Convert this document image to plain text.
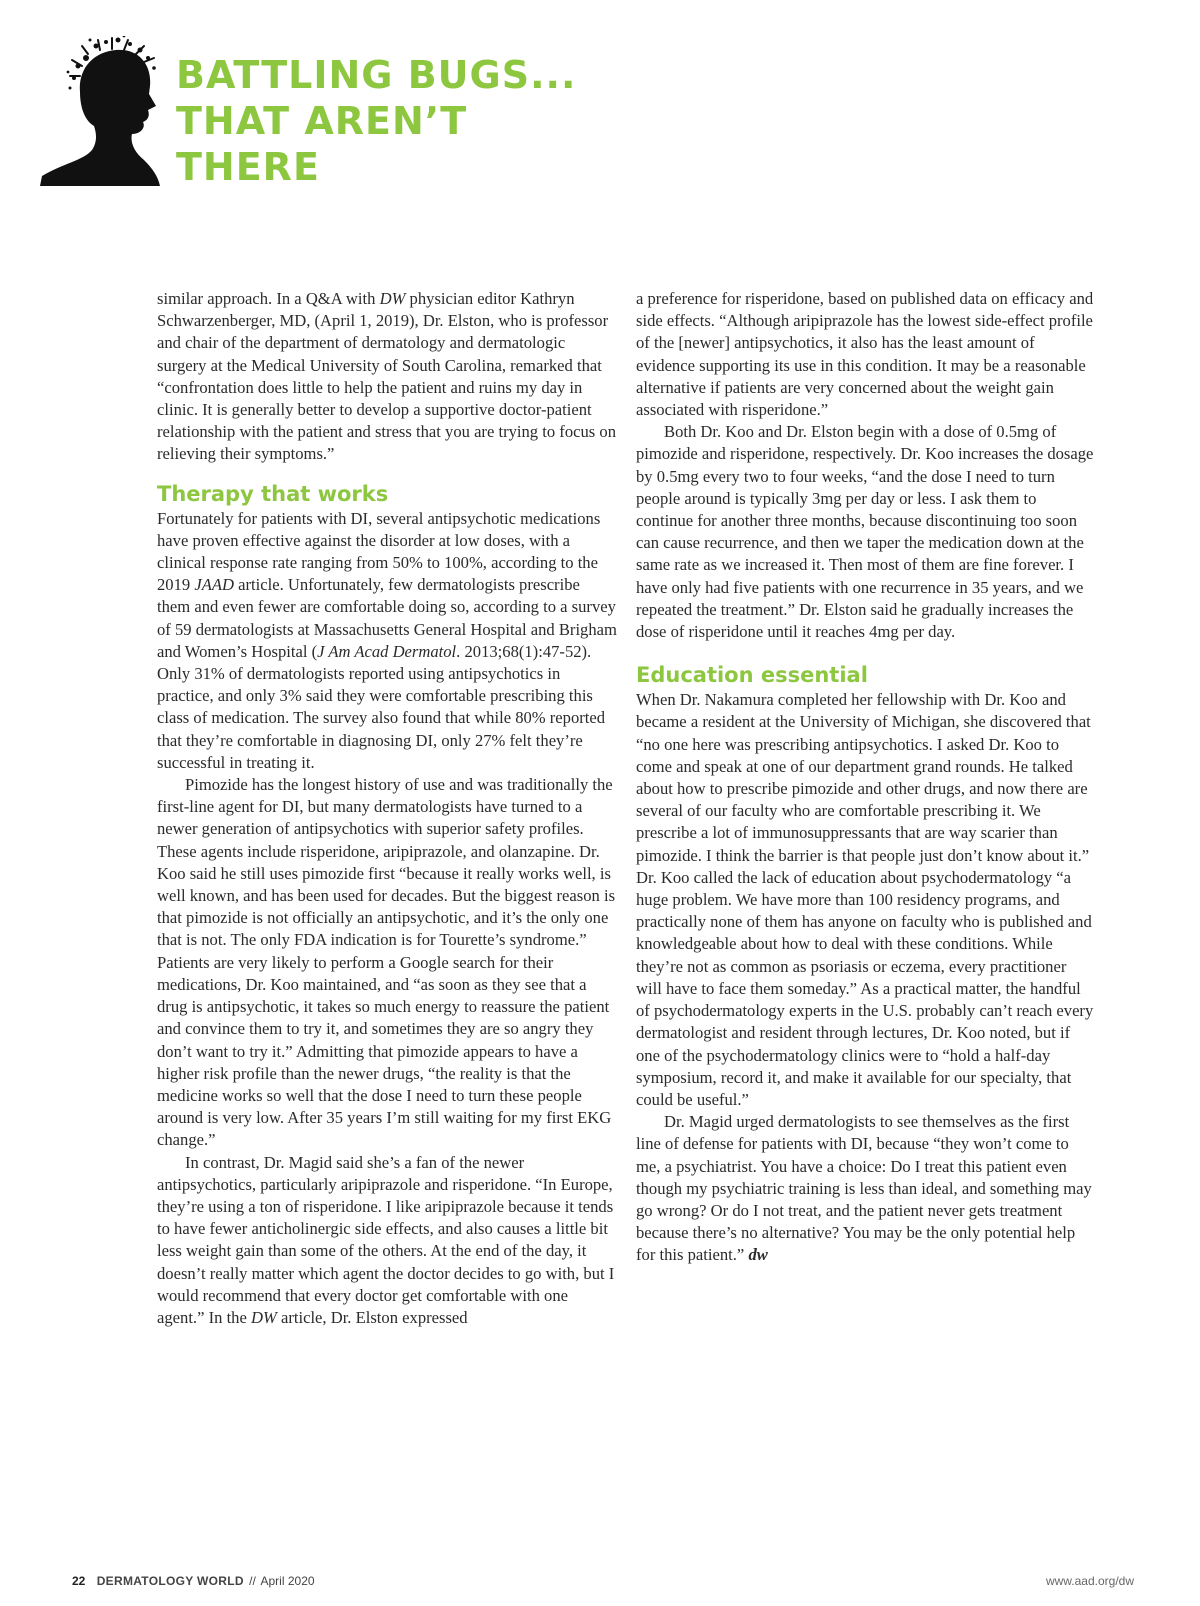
BATTLING BUGS...
THAT AREN’T
THERE

similar approach. In a Q&A with DW physician editor Kathryn Schwarzenberger, MD, (April 1, 2019), Dr. Elston, who is professor and chair of the department of dermatology and dermatologic surgery at the Medical University of South Carolina, remarked that “confrontation does little to help the patient and ruins my day in clinic. It is generally better to develop a supportive doctor-patient relationship with the patient and stress that you are trying to focus on relieving their symptoms.”

Therapy that works

Fortunately for patients with DI, several antipsychotic medications have proven effective against the disorder at low doses, with a clinical response rate ranging from 50% to 100%, according to the 2019 JAAD article. Unfortunately, few dermatologists prescribe them and even fewer are comfortable doing so, according to a survey of 59 dermatologists at Massachusetts General Hospital and Brigham and Women’s Hospital (J Am Acad Dermatol. 2013;68(1):47-52). Only 31% of dermatologists reported using antipsychotics in practice, and only 3% said they were comfortable prescribing this class of medication. The survey also found that while 80% reported that they’re comfortable in diagnosing DI, only 27% felt they’re successful in treating it.

Pimozide has the longest history of use and was traditionally the first-line agent for DI, but many dermatologists have turned to a newer generation of antipsychotics with superior safety profiles. These agents include risperidone, aripiprazole, and olanzapine. Dr. Koo said he still uses pimozide first “because it really works well, is well known, and has been used for decades. But the biggest reason is that pimozide is not officially an antipsychotic, and it’s the only one that is not. The only FDA indication is for Tourette’s syndrome.” Patients are very likely to perform a Google search for their medications, Dr. Koo maintained, and “as soon as they see that a drug is antipsychotic, it takes so much energy to reassure the patient and convince them to try it, and sometimes they are so angry they don’t want to try it.” Admitting that pimozide appears to have a higher risk profile than the newer drugs, “the reality is that the medicine works so well that the dose I need to turn these people around is very low. After 35 years I’m still waiting for my first EKG change.”

In contrast, Dr. Magid said she’s a fan of the newer antipsychotics, particularly aripiprazole and risperidone. “In Europe, they’re using a ton of risperidone. I like aripiprazole because it tends to have fewer anticholinergic side effects, and also causes a little bit less weight gain than some of the others. At the end of the day, it doesn’t really matter which agent the doctor decides to go with, but I would recommend that every doctor get comfortable with one agent.” In the DW article, Dr. Elston expressed

a preference for risperidone, based on published data on efficacy and side effects. “Although aripiprazole has the lowest side-effect profile of the [newer] antipsychotics, it also has the least amount of evidence supporting its use in this condition. It may be a reasonable alternative if patients are very concerned about the weight gain associated with risperidone.”

Both Dr. Koo and Dr. Elston begin with a dose of 0.5mg of pimozide and risperidone, respectively. Dr. Koo increases the dosage by 0.5mg every two to four weeks, “and the dose I need to turn people around is typically 3mg per day or less. I ask them to continue for another three months, because discontinuing too soon can cause recurrence, and then we taper the medication down at the same rate as we increased it. Then most of them are fine forever. I have only had five patients with one recurrence in 35 years, and we repeated the treatment.” Dr. Elston said he gradually increases the dose of risperidone until it reaches 4mg per day.

Education essential

When Dr. Nakamura completed her fellowship with Dr. Koo and became a resident at the University of Michigan, she discovered that “no one here was prescribing antipsychotics. I asked Dr. Koo to come and speak at one of our department grand rounds. He talked about how to prescribe pimozide and other drugs, and now there are several of our faculty who are comfortable prescribing it. We prescribe a lot of immunosuppressants that are way scarier than pimozide. I think the barrier is that people just don’t know about it.” Dr. Koo called the lack of education about psychodermatology “a huge problem. We have more than 100 residency programs, and practically none of them has anyone on faculty who is published and knowledgeable about how to deal with these conditions. While they’re not as common as psoriasis or eczema, every practitioner will have to face them someday.” As a practical matter, the handful of psychodermatology experts in the U.S. probably can’t reach every dermatologist and resident through lectures, Dr. Koo noted, but if one of the psychodermatology clinics were to “hold a half-day symposium, record it, and make it available for our specialty, that could be useful.”

Dr. Magid urged dermatologists to see themselves as the first line of defense for patients with DI, because “they won’t come to me, a psychiatrist. You have a choice: Do I treat this patient even though my psychiatric training is less than ideal, and something may go wrong? Or do I not treat, and the patient never gets treatment because there’s no alternative? You may be the only potential help for this patient.” dw

22 DERMATOLOGY WORLD // April 2020	www.aad.org/dw
